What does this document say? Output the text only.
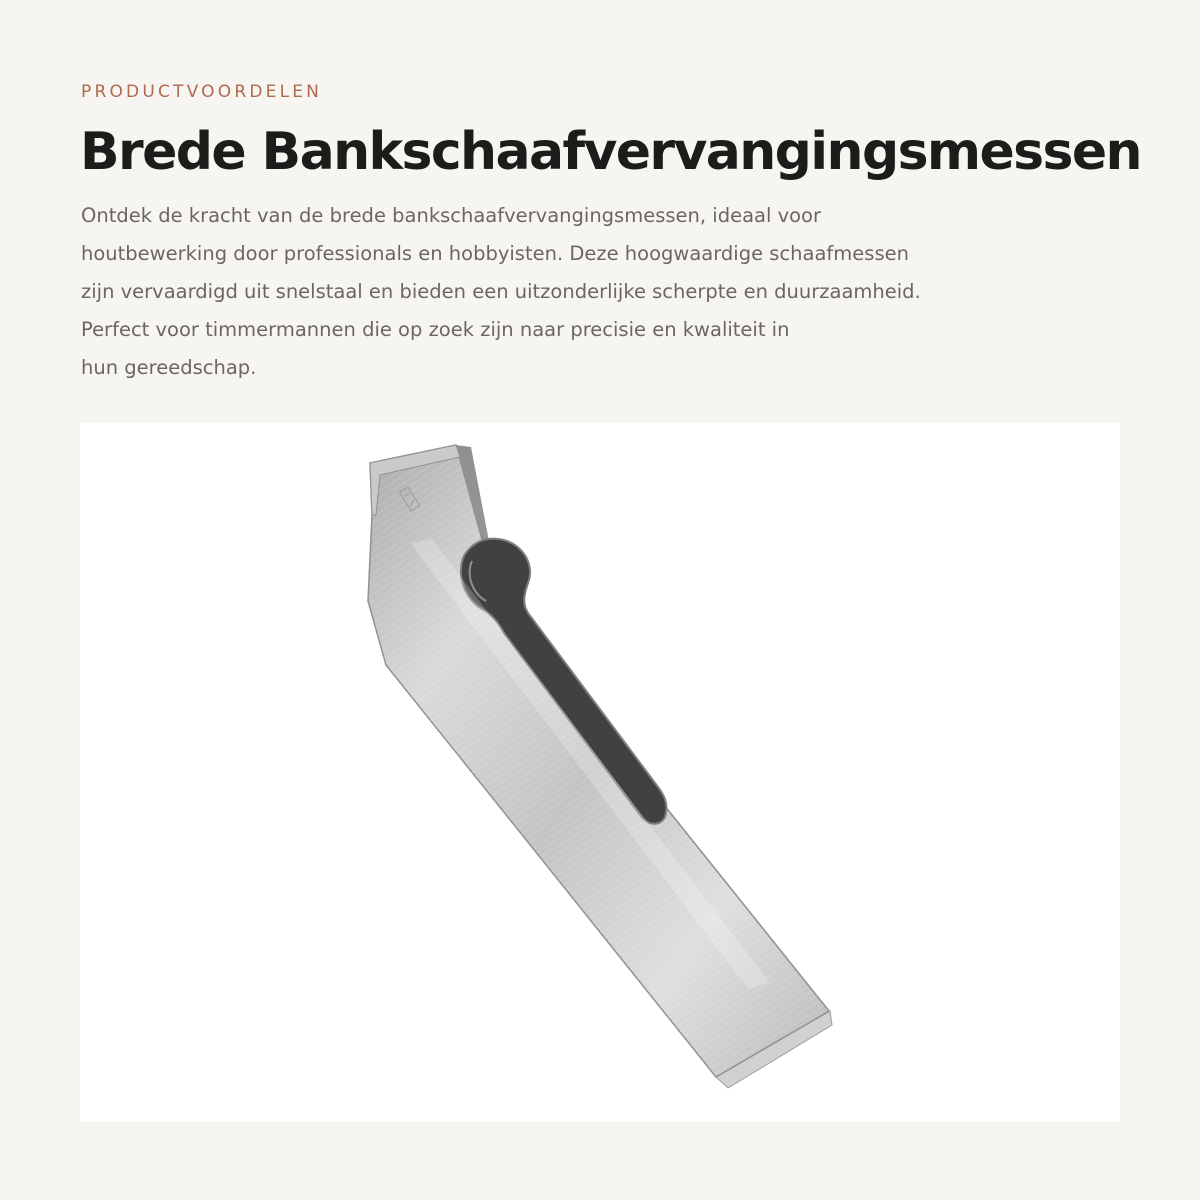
PRODUCTVOORDELEN

Brede Bankschaafvervangingsmessen

Ontdek de kracht van de brede bankschaafvervangingsmessen, ideaal voor
houtbewerking door professionals en hobbyisten. Deze hoogwaardige schaafmessen
zijn vervaardigd uit snelstaal en bieden een uitzonderlijke scherpte en duurzaamheid.
Perfect voor timmermannen die op zoek zijn naar precisie en kwaliteit in
hun gereedschap.
